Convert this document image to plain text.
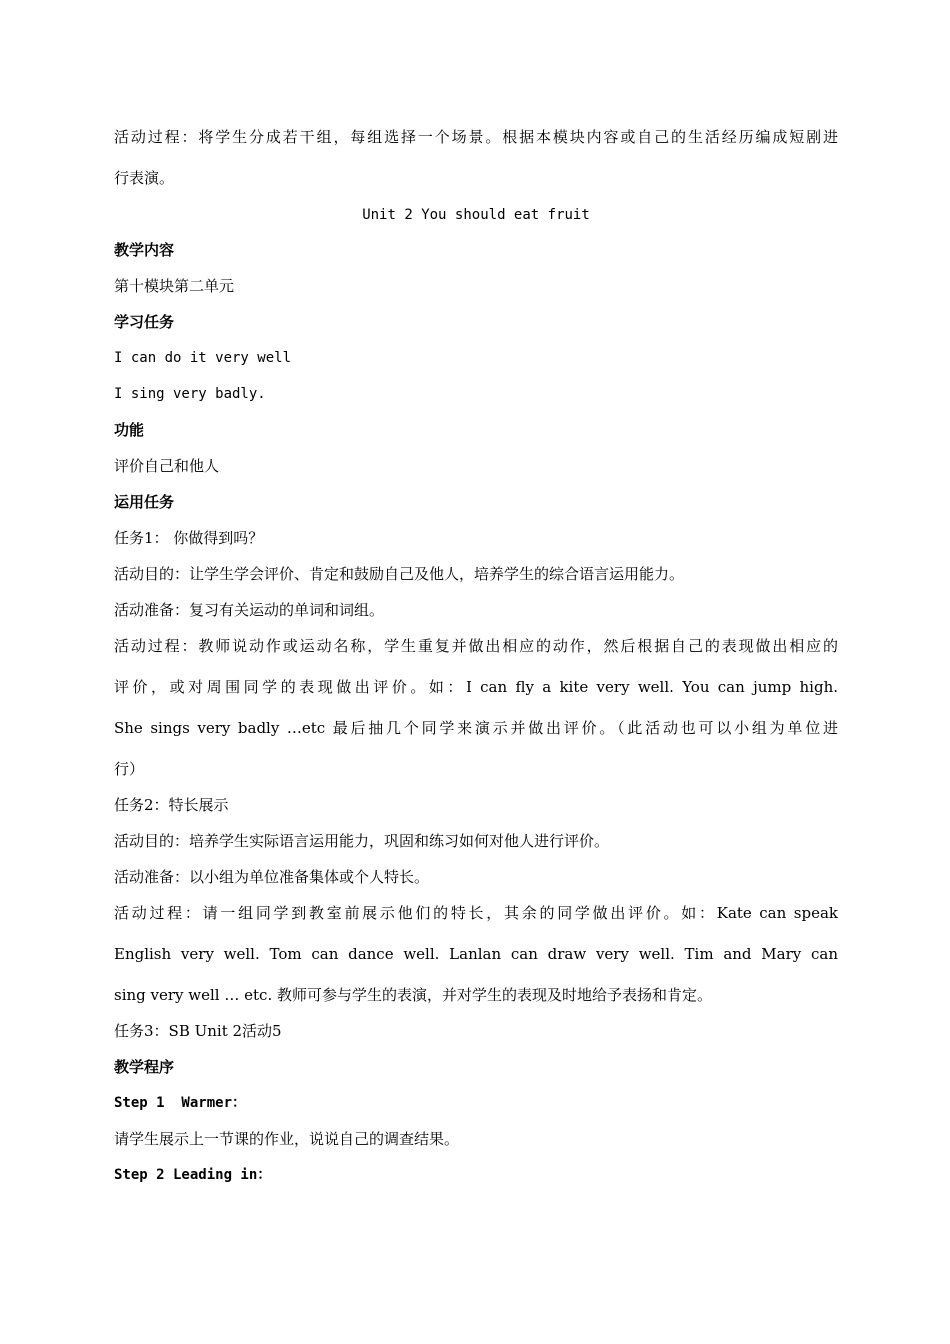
活动过程：将学生分成若干组，每组选择一个场景。根据本模块内容或自己的生活经历编成短剧进
行表演。
Unit 2 You should eat fruit
教学内容
第十模块第二单元
学习任务
I can do it very well
I sing very badly.
功能
评价自己和他人
运用任务
任务1： 你做得到吗？
活动目的：让学生学会评价、肯定和鼓励自己及他人，培养学生的综合语言运用能力。
活动准备：复习有关运动的单词和词组。
活动过程：教师说动作或运动名称，学生重复并做出相应的动作，然后根据自己的表现做出相应的
评价，或对周围同学的表现做出评价。如：I can fly a kite very well. You can jump high.
She sings very badly …etc 最后抽几个同学来演示并做出评价。（此活动也可以小组为单位进
行）
任务2：特长展示
活动目的：培养学生实际语言运用能力，巩固和练习如何对他人进行评价。
活动准备：以小组为单位准备集体或个人特长。
活动过程：请一组同学到教室前展示他们的特长，其余的同学做出评价。如：Kate can speak
English very well. Tom can dance well. Lanlan can draw very well. Tim and Mary can
sing very well … etc. 教师可参与学生的表演，并对学生的表现及时地给予表扬和肯定。
任务3：SB Unit 2活动5
教学程序
Step 1  Warmer：
请学生展示上一节课的作业，说说自己的调查结果。
Step 2 Leading in：
